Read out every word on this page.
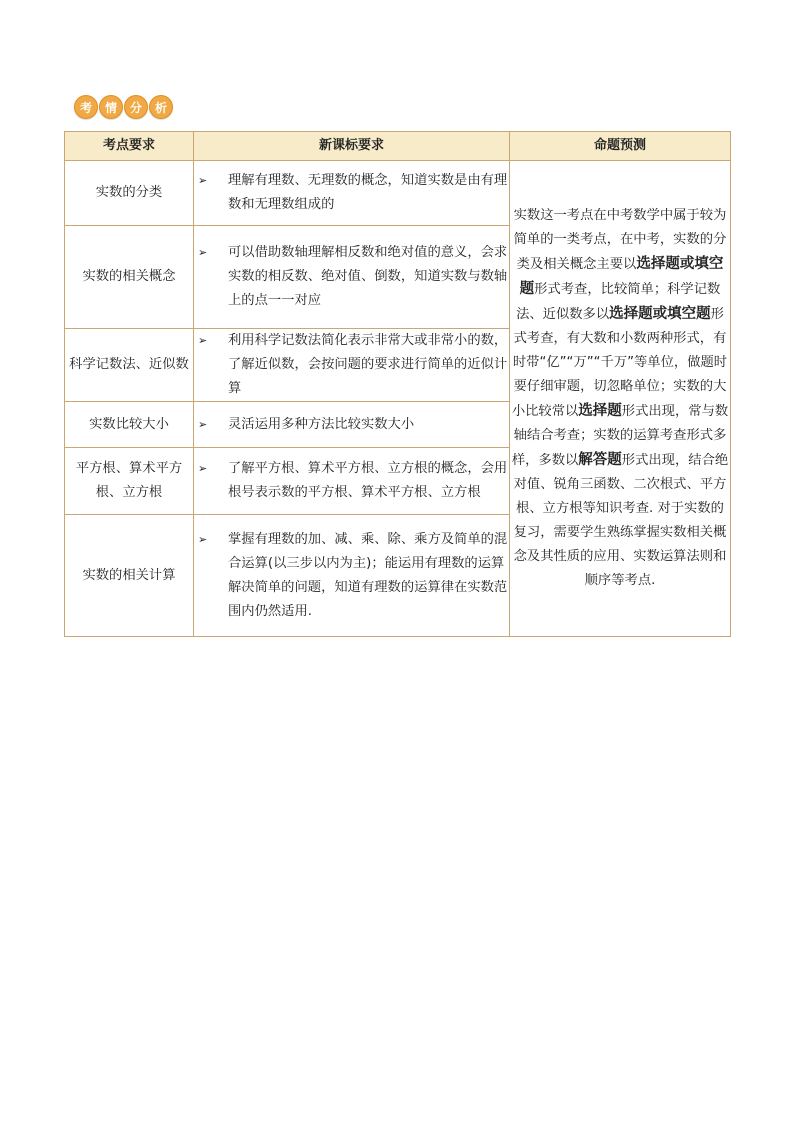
考	情	分	析
考点要求	新课标要求	命题预测
实数的分类	➢ 理解有理数、无理数的概念，知道实数是由有理数和无理数组成的	实数这一考点在中考数学中属于较为简单的一类考点，在中考，实数的分类及相关概念主要以选择题或填空题形式考查，比较简单；科学记数法、近似数多以选择题或填空题形式考查，有大数和小数两种形式，有时带“亿”“万”“千万”等单位，做题时要仔细审题，切忽略单位；实数的大小比较常以选择题形式出现，常与数轴结合考查；实数的运算考查形式多样，多数以解答题形式出现，结合绝对值、锐角三函数、二次根式、平方根、立方根等知识考查. 对于实数的复习，需要学生熟练掌握实数相关概念及其性质的应用、实数运算法则和顺序等考点.
实数的相关概念	➢ 可以借助数轴理解相反数和绝对值的意义，会求实数的相反数、绝对值、倒数，知道实数与数轴上的点一一对应	

科学记数法、近似数	➢ 利用科学记数法简化表示非常大或非常小的数，了解近似数，会按问题的要求进行简单的近似计算	

实数比较大小	➢ 灵活运用多种方法比较实数大小	

平方根、算术平方根、立方根	➢ 了解平方根、算术平方根、立方根的概念，会用根号表示数的平方根、算术平方根、立方根	

实数的相关计算	➢ 掌握有理数的加、减、乘、除、乘方及简单的混合运算(以三步以内为主)；能运用有理数的运算解决简单的问题，知道有理数的运算律在实数范围内仍然适用.	
